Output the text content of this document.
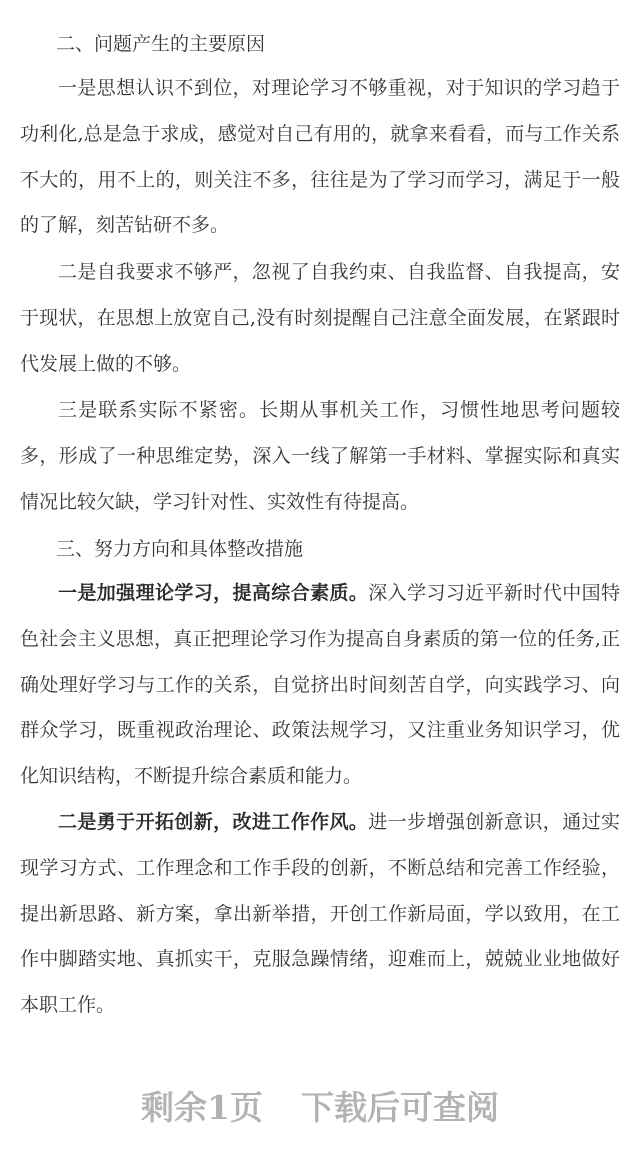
二、问题产生的主要原因

一是思想认识不到位，对理论学习不够重视，对于知识的学习趋于功利化,总是急于求成，感觉对自己有用的，就拿来看看，而与工作关系不大的，用不上的，则关注不多，往往是为了学习而学习，满足于一般的了解，刻苦钻研不多。

二是自我要求不够严，忽视了自我约束、自我监督、自我提高，安于现状，在思想上放宽自己,没有时刻提醒自己注意全面发展，在紧跟时代发展上做的不够。

三是联系实际不紧密。长期从事机关工作，习惯性地思考问题较多，形成了一种思维定势，深入一线了解第一手材料、掌握实际和真实情况比较欠缺，学习针对性、实效性有待提高。

三、努力方向和具体整改措施

一是加强理论学习，提高综合素质。深入学习习近平新时代中国特色社会主义思想，真正把理论学习作为提高自身素质的第一位的任务,正确处理好学习与工作的关系，自觉挤出时间刻苦自学，向实践学习、向群众学习，既重视政治理论、政策法规学习，又注重业务知识学习，优化知识结构，不断提升综合素质和能力。

二是勇于开拓创新，改进工作作风。进一步增强创新意识，通过实现学习方式、工作理念和工作手段的创新，不断总结和完善工作经验，提出新思路、新方案，拿出新举措，开创工作新局面，学以致用，在工作中脚踏实地、真抓实干，克服急躁情绪，迎难而上，兢兢业业地做好本职工作。

剩余1页 下载后可查阅
